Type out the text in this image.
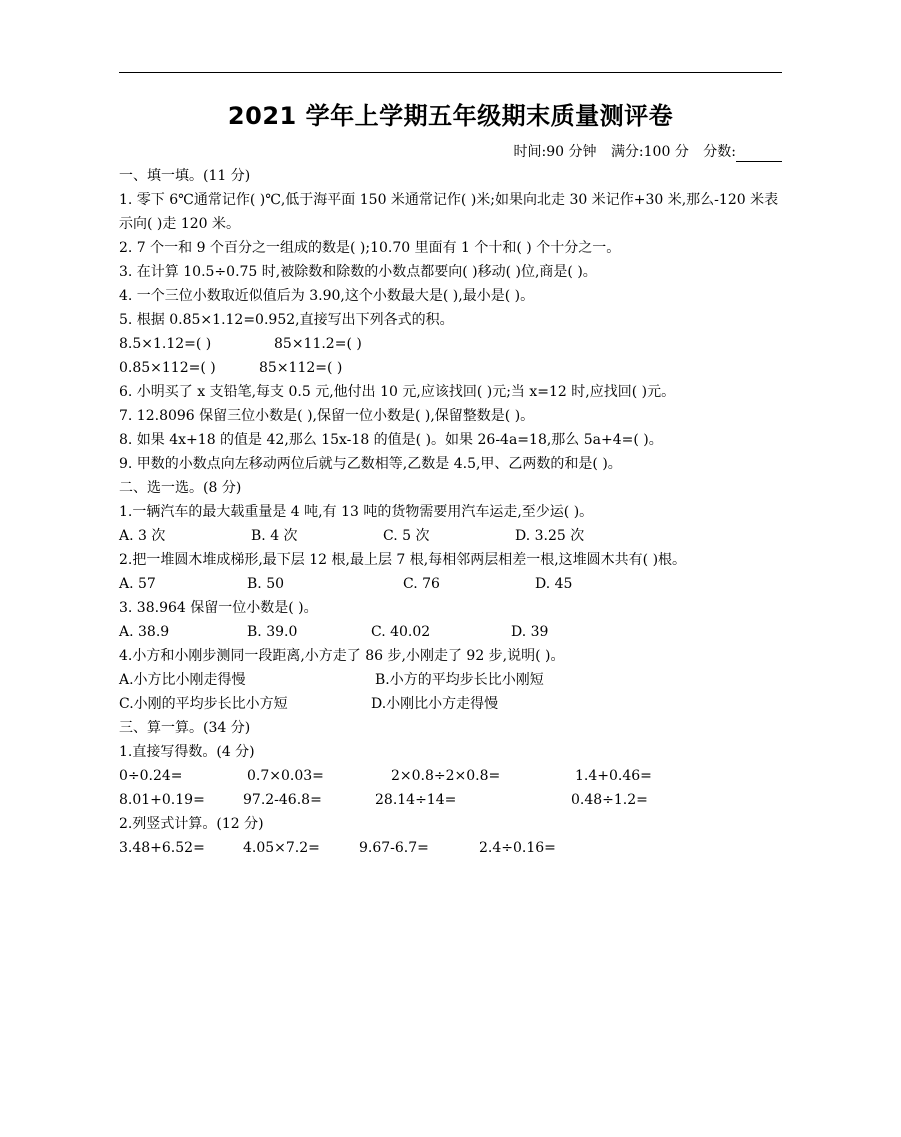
2021 学年上学期五年级期末质量测评卷
时间:90 分钟 满分:100 分 分数:
一、填一填。(11 分)
1. 零下 6℃通常记作( )℃,低于海平面 150 米通常记作( )米;如果向北走 30 米记作+30 米,那么-120 米表示向( )走 120 米。
2. 7 个一和 9 个百分之一组成的数是( );10.70 里面有 1 个十和( ) 个十分之一。
3. 在计算 10.5÷0.75 时,被除数和除数的小数点都要向( )移动( )位,商是( )。
4. 一个三位小数取近似值后为 3.90,这个小数最大是( ),最小是( )。
5. 根据 0.85×1.12=0.952,直接写出下列各式的积。
8.5×1.12=( )	85×11.2=( )
0.85×112=( )	85×112=( )
6. 小明买了 x 支铅笔,每支 0.5 元,他付出 10 元,应该找回( )元;当 x=12 时,应找回( )元。
7. 12.8096 保留三位小数是( ),保留一位小数是( ),保留整数是( )。
8. 如果 4x+18 的值是 42,那么 15x-18 的值是( )。如果 26-4a=18,那么 5a+4=( )。
9. 甲数的小数点向左移动两位后就与乙数相等,乙数是 4.5,甲、乙两数的和是( )。
二、选一选。(8 分)
1.一辆汽车的最大载重量是 4 吨,有 13 吨的货物需要用汽车运走,至少运( )。
A. 3 次	B. 4 次	C. 5 次	D. 3.25 次
2.把一堆圆木堆成梯形,最下层 12 根,最上层 7 根,每相邻两层相差一根,这堆圆木共有( )根。
A. 57	B. 50	C. 76	D. 45
3. 38.964 保留一位小数是( )。
A. 38.9	B. 39.0	C. 40.02	D. 39
4.小方和小刚步测同一段距离,小方走了 86 步,小刚走了 92 步,说明( )。
A.小方比小刚走得慢	B.小方的平均步长比小刚短
C.小刚的平均步长比小方短	D.小刚比小方走得慢
三、算一算。(34 分)
1.直接写得数。(4 分)
0÷0.24=	0.7×0.03=	2×0.8÷2×0.8=	1.4+0.46=
8.01+0.19=	97.2-46.8=	28.14÷14=	0.48÷1.2=
2.列竖式计算。(12 分)
3.48+6.52=	4.05×7.2=	9.67-6.7=	2.4÷0.16=
